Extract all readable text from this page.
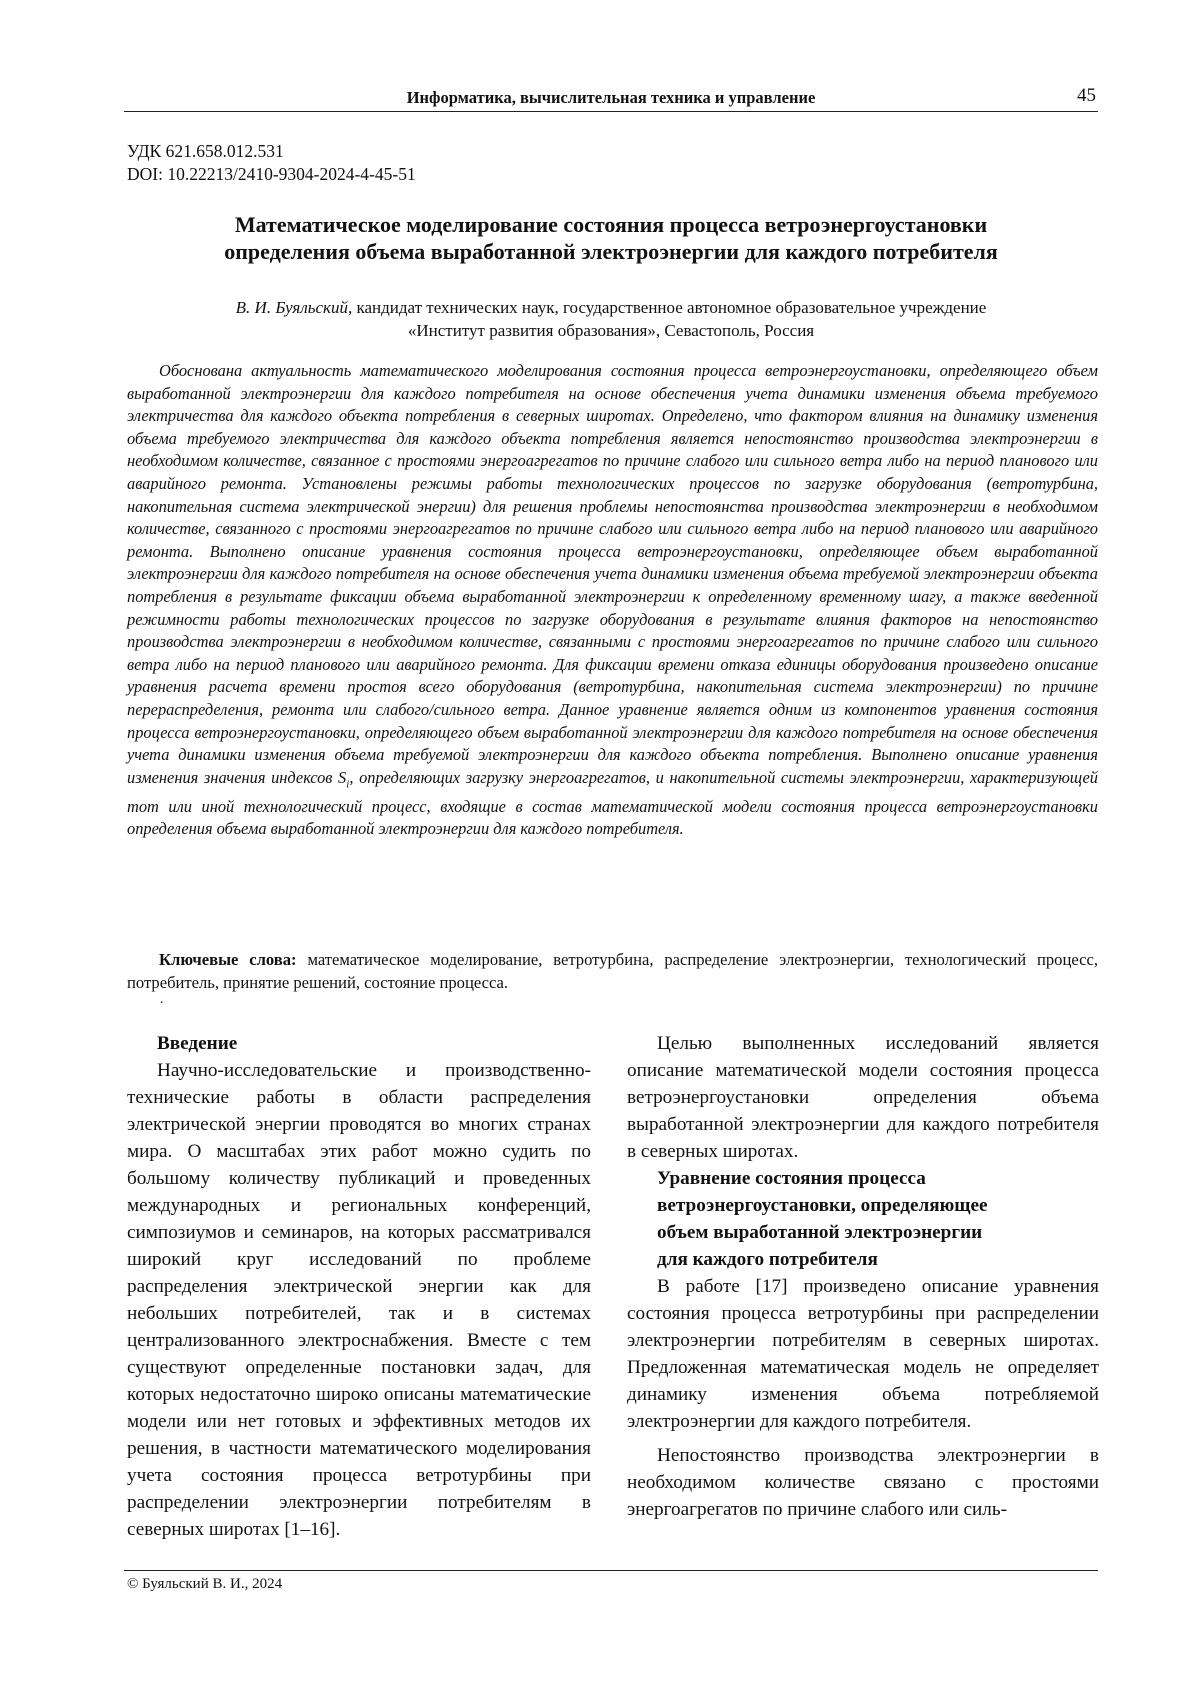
Информатика, вычислительная техника и управление	45
УДК 621.658.012.531
DOI: 10.22213/2410-9304-2024-4-45-51
Математическое моделирование состояния процесса ветроэнергоустановки
определения объема выработанной электроэнергии для каждого потребителя
В. И. Буяльский, кандидат технических наук, государственное автономное образовательное учреждение
«Институт развития образования», Севастополь, Россия
Обоснована актуальность математического моделирования состояния процесса ветроэнергоустановки, определяющего объем выработанной электроэнергии для каждого потребителя на основе обеспечения учета динамики изменения объема требуемого электричества для каждого объекта потребления в северных широтах. Определено, что фактором влияния на динамику изменения объема требуемого электричества для каждого объекта потребления является непостоянство производства электроэнергии в необходимом количестве, связанное с простоями энергоагрегатов по причине слабого или сильного ветра либо на период планового или аварийного ремонта. Установлены режимы работы технологических процессов по загрузке оборудования (ветротурбина, накопительная система электрической энергии) для решения проблемы непостоянства производства электроэнергии в необходимом количестве, связанного с простоями энергоагрегатов по причине слабого или сильного ветра либо на период планового или аварийного ремонта. Выполнено описание уравнения состояния процесса ветроэнергоустановки, определяющее объем выработанной электроэнергии для каждого потребителя на основе обеспечения учета динамики изменения объема требуемой электроэнергии объекта потребления в результате фиксации объема выработанной электроэнергии к определенному временному шагу, а также введенной режимности работы технологических процессов по загрузке оборудования в результате влияния факторов на непостоянство производства электроэнергии в необходимом количестве, связанными с простоями энергоагрегатов по причине слабого или сильного ветра либо на период планового или аварийного ремонта. Для фиксации времени отказа единицы оборудования произведено описание уравнения расчета времени простоя всего оборудования (ветротурбина, накопительная система электроэнергии) по причине перераспределения, ремонта или слабого/сильного ветра. Данное уравнение является одним из компонентов уравнения состояния процесса ветроэнергоустановки, определяющего объем выработанной электроэнергии для каждого потребителя на основе обеспечения учета динамики изменения объема требуемой электроэнергии для каждого объекта потребления. Выполнено описание уравнения изменения значения индексов Si, определяющих загрузку энергоагрегатов, и накопительной системы электроэнергии, характеризующей тот или иной технологический процесс, входящие в состав математической модели состояния процесса ветроэнергоустановки определения объема выработанной электроэнергии для каждого потребителя.
Ключевые слова: математическое моделирование, ветротурбина, распределение электроэнергии, технологический процесс, потребитель, принятие решений, состояние процесса.
.

Введение

Научно-исследовательские и производственно-технические работы в области распределения электрической энергии проводятся во многих странах мира. О масштабах этих работ можно судить по большому количеству публикаций и проведенных международных и региональных конференций, симпозиумов и семинаров, на которых рассматривался широкий круг исследований по проблеме распределения электрической энергии как для небольших потребителей, так и в системах централизованного электроснабжения. Вместе с тем существуют определенные постановки задач, для которых недостаточно широко описаны математические модели или нет готовых и эффективных методов их решения, в частности математического моделирования учета состояния процесса ветротурбины при распределении электроэнергии потребителям в северных широтах [1–16].

Целью выполненных исследований является описание математической модели состояния процесса ветроэнергоустановки определения объема выработанной электроэнергии для каждого потребителя в северных широтах.

Уравнение состояния процесса
ветроэнергоустановки, определяющее
объем выработанной электроэнергии
для каждого потребителя

В работе [17] произведено описание уравнения состояния процесса ветротурбины при распределении электроэнергии потребителям в северных широтах. Предложенная математическая модель не определяет динамику изменения объема потребляемой электроэнергии для каждого потребителя.

Непостоянство производства электроэнергии в необходимом количестве связано с простоями энергоагрегатов по причине слабого или силь-

© Буяльский В. И., 2024
